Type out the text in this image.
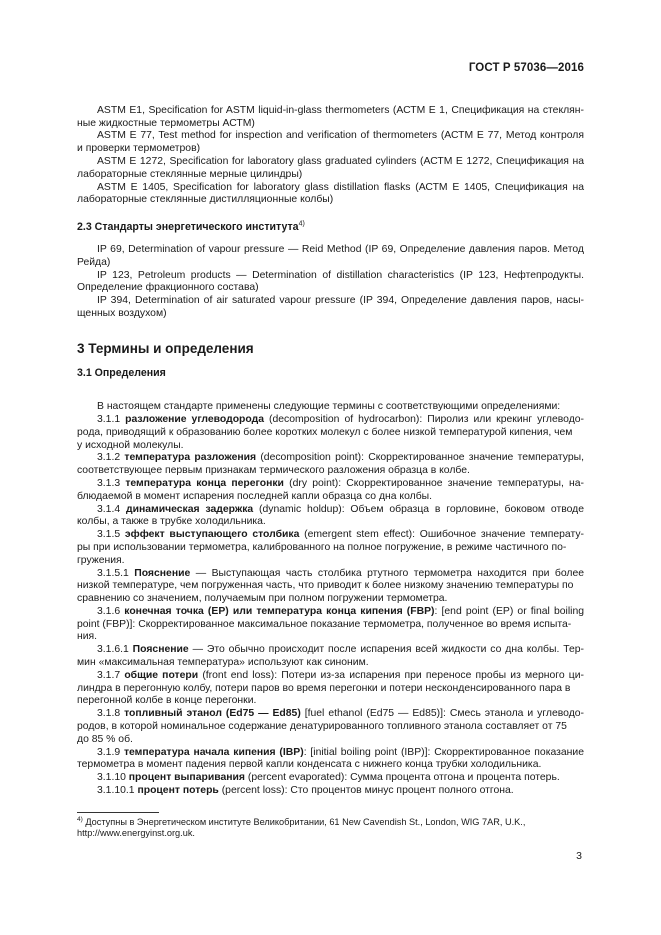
ГОСТ Р 57036—2016
ASTM E1, Specification for ASTM liquid-in-glass thermometers (АСТМ Е 1, Спецификация на стеклян-
ные жидкостные термометры АСТМ)
ASTM E 77, Test method for inspection and verification of thermometers (АСТМ Е 77, Метод контроля
и проверки термометров)
ASTM E 1272, Specification for laboratory glass graduated cylinders (АСТМ Е 1272, Спецификация на
лабораторные стеклянные мерные цилиндры)
ASTM E 1405, Specification for laboratory glass distillation flasks (АСТМ Е 1405, Спецификация на
лабораторные стеклянные дистилляционные колбы)
2.3 Стандарты энергетического института$^{4)}$
IP 69, Determination of vapour pressure — Reid Method (IP 69, Определение давления паров. Метод
Рейда)
IP 123, Petroleum products — Determination of distillation characteristics (IP 123, Нефтепродукты.
Определение фракционного состава)
IP 394, Determination of air saturated vapour pressure (IP 394, Определение давления паров, насы-
щенных воздухом)
3 Термины и определения
3.1 Определения

В настоящем стандарте применены следующие термины с соответствующими определениями:
3.1.1 разложение углеводорода (decomposition of hydrocarbon): Пиролиз или крекинг углеводо-
рода, приводящий к образованию более коротких молекул с более низкой температурой кипения, чем
у исходной молекулы.
3.1.2 температура разложения (decomposition point): Скорректированное значение температуры,
соответствующее первым признакам термического разложения образца в колбе.
3.1.3 температура конца перегонки (dry point): Скорректированное значение температуры, на-
блюдаемой в момент испарения последней капли образца со дна колбы.
3.1.4 динамическая задержка (dynamic holdup): Объем образца в горловине, боковом отводе
колбы, а также в трубке холодильника.
3.1.5 эффект выступающего столбика (emergent stem effect): Ошибочное значение температу-
ры при использовании термометра, калиброванного на полное погружение, в режиме частичного по-
гружения.
3.1.5.1 Пояснение — Выступающая часть столбика ртутного термометра находится при более
низкой температуре, чем погруженная часть, что приводит к более низкому значению температуры по
сравнению со значением, получаемым при полном погружении термометра.
3.1.6 конечная точка (ЕР) или температура конца кипения (FBP): [end point (EP) or final boiling
point (FBP)]: Скорректированное максимальное показание термометра, полученное во время испыта-
ния.
3.1.6.1 Пояснение — Это обычно происходит после испарения всей жидкости со дна колбы. Тер-
мин «максимальная температура» используют как синоним.
3.1.7 общие потери (front end loss): Потери из-за испарения при переносе пробы из мерного ци-
линдра в перегонную колбу, потери паров во время перегонки и потери несконденсированного пара в
перегонной колбе в конце перегонки.
3.1.8 топливный этанол (Ed75 — Ed85) [fuel ethanol (Ed75 — Ed85)]: Смесь этанола и углеводо-
родов, в которой номинальное содержание денатурированного топливного этанола составляет от 75
до 85 % об.
3.1.9 температура начала кипения (IBP): [initial boiling point (IBP)]: Скорректированное показание
термометра в момент падения первой капли конденсата с нижнего конца трубки холодильника.
3.1.10 процент выпаривания (percent evaporated): Сумма процента отгона и процента потерь.
3.1.10.1 процент потерь (percent loss): Сто процентов минус процент полного отгона.
$^{4)}$ Доступны в Энергетическом институте Великобритании, 61 New Cavendish St., London, WIG 7AR, U.K.,
http://www.energyinst.org.uk.
3
